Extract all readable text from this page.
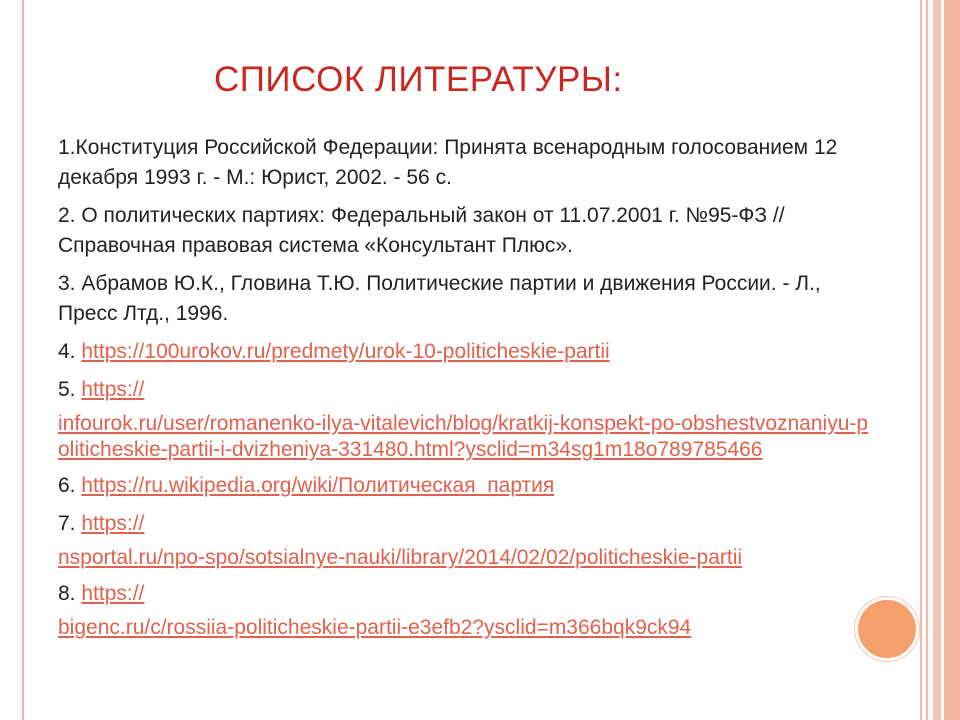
СПИСОК ЛИТЕРАТУРЫ:
1.Конституция Российской Федерации: Принята всенародным голосованием 12 декабря 1993 г. - М.: Юрист, 2002. - 56 с.
2. О политических партиях: Федеральный закон от 11.07.2001 г. №95-ФЗ // Справочная правовая система «Консультант Плюс».
3. Абрамов Ю.К., Гловина Т.Ю. Политические партии и движения России. - Л., Пресс Лтд., 1996.
4. https://100urokov.ru/predmety/urok-10-politicheskie-partii
5. https://
infourok.ru/user/romanenko-ilya-vitalevich/blog/kratkij-konspekt-po-obshestvoznaniyu-politicheskie-partii-i-dvizheniya-331480.html?ysclid=m34sg1m18o789785466
6. https://ru.wikipedia.org/wiki/Политическая_партия
7. https://
nsportal.ru/npo-spo/sotsialnye-nauki/library/2014/02/02/politicheskie-partii
8. https://
bigenc.ru/c/rossiia-politicheskie-partii-e3efb2?ysclid=m366bqk9ck94
